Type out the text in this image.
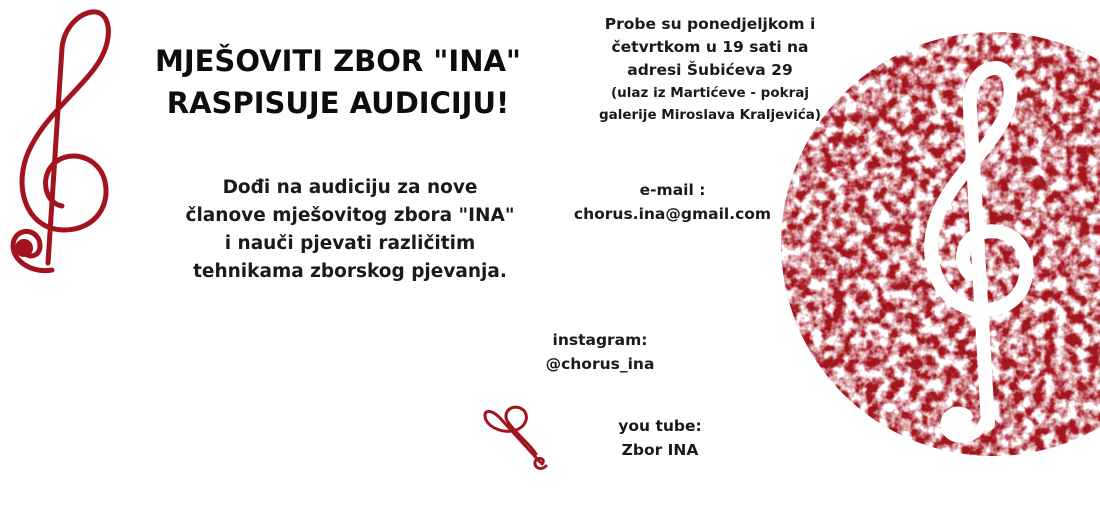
MJEŠOVITI ZBOR "INA"
RASPISUJE AUDICIJU!
Dođi na audiciju za nove
članove mješovitog zbora "INA"
i nauči pjevati različitim
tehnikama zborskog pjevanja.
Probe su ponedjeljkom i
četvrtkom u 19 sati na
adresi Šubićeva 29
(ulaz iz Martićeve - pokraj
galerije Miroslava Kraljevića)
e-mail :
chorus.ina@gmail.com
instagram:
@chorus_ina
you tube:
Zbor INA
